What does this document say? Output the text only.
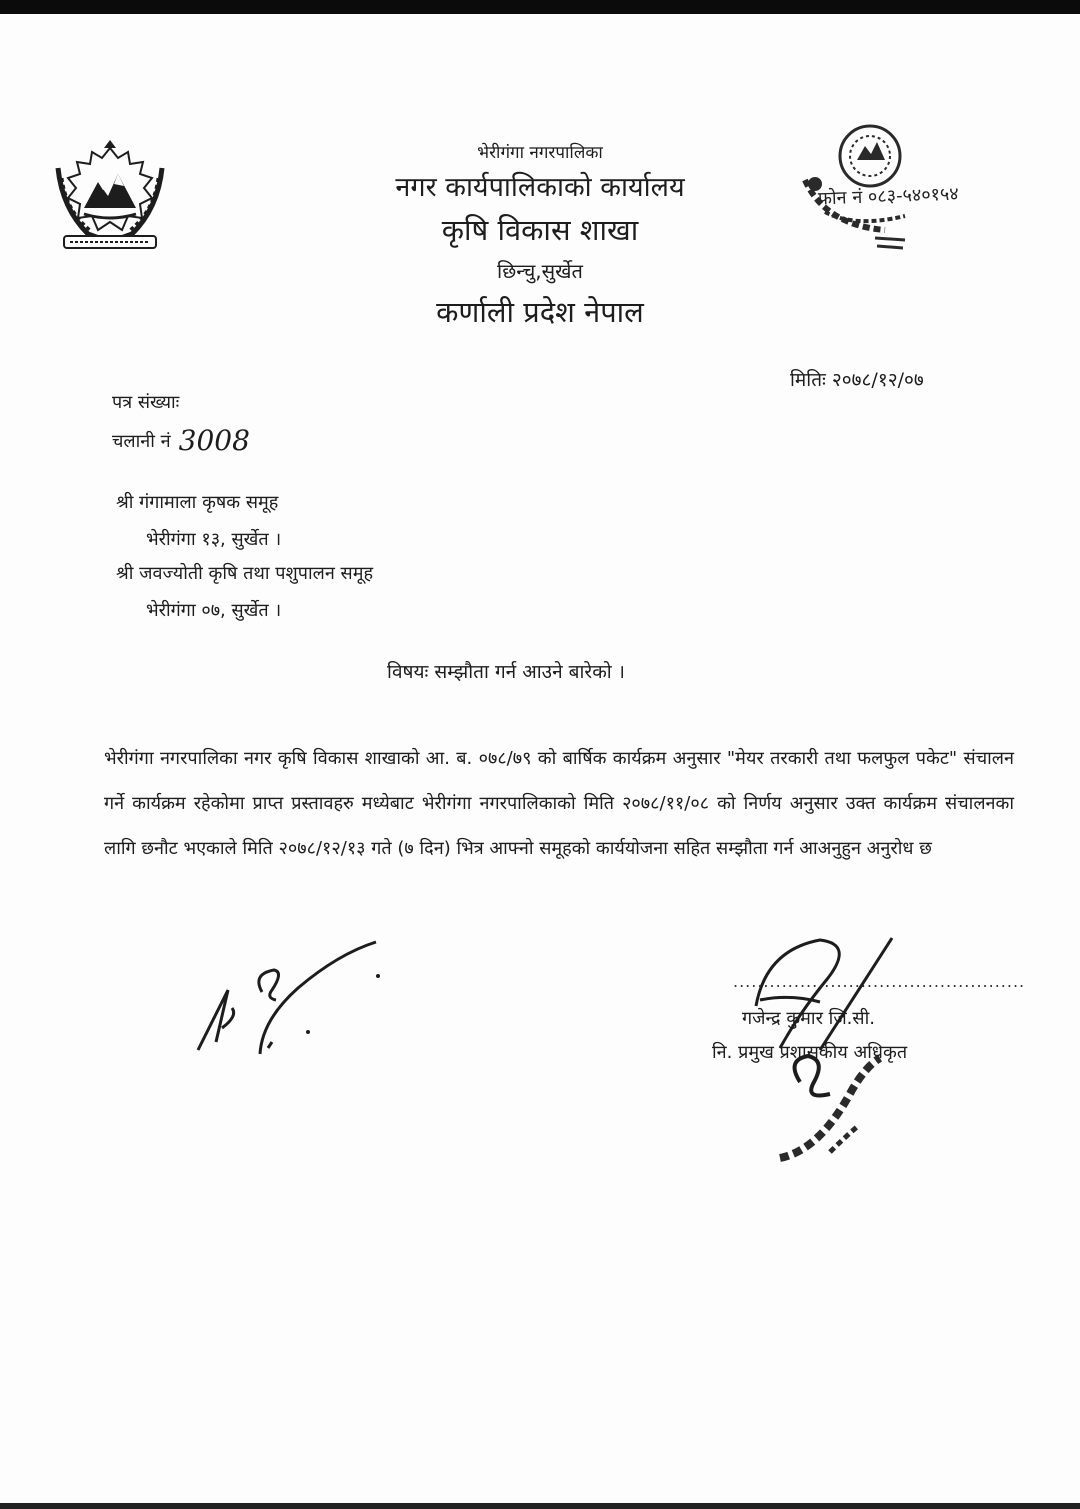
भेरीगंगा नगरपालिका
नगर कार्यपालिकाको कार्यालय
कृषि विकास शाखा
छिन्चु,सुर्खेत
कर्णाली प्रदेश नेपाल
फोन नं ०८३-५४०१५४
मितिः २०७८/१२/०७
पत्र संख्याः
चलानी नं 3008
श्री गंगामाला कृषक समूह
भेरीगंगा १३, सुर्खेत ।
श्री जवज्योती कृषि तथा पशुपालन समूह
भेरीगंगा ०७, सुर्खेत ।
विषयः सम्झौता गर्न आउने बारेको ।
भेरीगंगा नगरपालिका नगर कृषि विकास शाखाको आ. ब. ०७८/७९ को बार्षिक कार्यक्रम अनुसार "मेयर तरकारी तथा फलफुल पकेट" संचालन गर्ने कार्यक्रम रहेकोमा प्राप्त प्रस्तावहरु मध्येबाट भेरीगंगा नगरपालिकाको मिति २०७८/११/०८ को निर्णय अनुसार उक्त कार्यक्रम संचालनका लागि छनौट भएकाले मिति २०७८/१२/१३ गते (७ दिन) भित्र आफ्नो समूहको कार्ययोजना सहित सम्झौता गर्न आअनुहुन अनुरोध छ
................................................
गजेन्द्र कुमार जि.सी.
नि. प्रमुख प्रशासकीय अधिकृत
